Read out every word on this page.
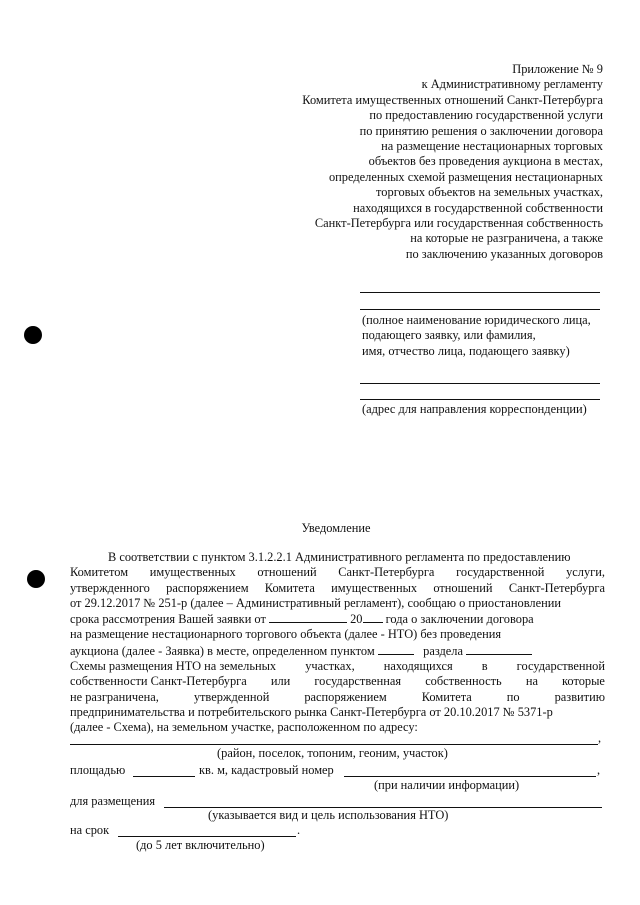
Приложение № 9
к Административному регламенту
Комитета имущественных отношений Санкт-Петербурга
по предоставлению государственной услуги
по принятию решения о заключении договора
на размещение нестационарных торговых
объектов без проведения аукциона в местах,
определенных схемой размещения нестационарных
торговых объектов на земельных участках,
находящихся в государственной собственности
Санкт-Петербурга или государственная собственность
на которые не разграничена, а также
по заключению указанных договоров
(полное наименование юридического лица,
подающего заявку, или фамилия,
имя, отчество лица, подающего заявку)
(адрес для направления корреспонденции)
Уведомление
В соответствии с пунктом 3.1.2.2.1 Административного регламента по предоставлению
Комитетом имущественных отношений Санкт-Петербурга государственной услуги,
утвержденного распоряжением Комитета имущественных отношений Санкт-Петербурга
от 29.12.2017 № 251-р (далее – Административный регламент), сообщаю о приостановлении
срока рассмотрения Вашей заявки от	20 года о заключении договора
на размещение нестационарного торгового объекта (далее - НТО) без проведения
аукциона (далее - Заявка) в месте, определенном пунктом	раздела
Схемы размещения НТО на земельных участках, находящихся в государственной
собственности Санкт-Петербурга или государственная собственность на которые
не разграничена,	утвержденной	распоряжением	Комитета	по	развитию
предпринимательства и потребительского рынка Санкт-Петербурга от 20.10.2017 № 5371-р
(далее - Схема), на земельном участке, расположенном по адресу:
,
(район, поселок, топоним, геоним, участок)
площадью	кв. м, кадастровый номер	,
(при наличии информации)
для размещения
(указывается вид и цель использования НТО)
на срок	.
(до 5 лет включительно)
